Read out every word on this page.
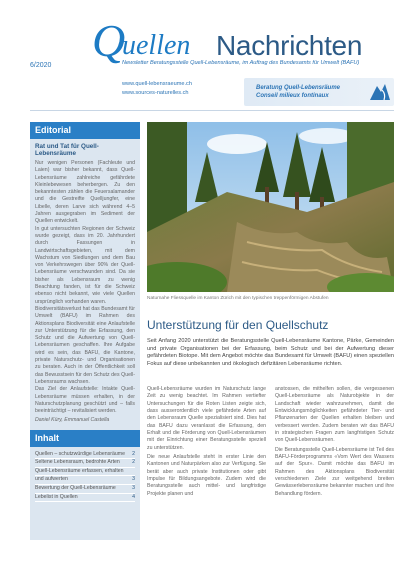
6/2020 Q
uellen Nachrichten
Newsletter Beratungsstelle Quell-Lebensräume, im Auftrag des Bundesamts für Umwelt (BAFU)
www.quell-lebensraeume.ch
www.sources-naturelles.ch
Beratung Quell-Lebensräume
Conseil milieux fontinaux
Editorial
Rat und Tat für Quell-Lebensräume
Nur wenigen Personen (Fachleute und Laien) war bisher bekannt, dass Quell-Lebensräume zahlreiche gefährdete Kleinlebewesen beherbergen. Zu den bekanntesten zählen die Feuersalamander und die Gestreifte Quelljungfer, eine Libelle, deren Larve sich während 4–5 Jahren ausgegraben im Sediment der Quellen entwickelt.
In gut untersuchten Regionen der Schweiz wurde gezeigt, dass im 20. Jahrhundert durch Fassungen in Landwirtschaftsgebieten, mit dem Wachstum von Siedlungen und dem Bau von Verkehrswegen über 90% der Quell-Lebensräume verschwunden sind. Da sie bisher als Lebensraum zu wenig Beachtung fanden, ist für die Schweiz ebenso nicht bekannt, wie viele Quellen ursprünglich vorhanden waren.
Biodiversitätsverlust hat das Bundesamt für Umwelt (BAFU) im Rahmen des Aktionsplans Biodiversität eine Anlaufstelle zur Unterstützung für die Erfassung, den Schutz und die Aufwertung von Quell-Lebensräumen geschaffen. Ihre Aufgabe wird es sein, das BAFU, die Kantone, private Naturschutz- und Organisationen zu beraten. Auch in der Öffentlichkeit soll das Bewusstsein für den Schutz des Quell-Lebensraums wachsen.
Das Ziel der Anlaufstelle: Intakte Quell-Lebensräume müssen erhalten, in der Naturschutzplanung geschützt und – falls beeinträchtigt – revitalisiert werden.
Daniel Küry, Emmanuel Castella
Inhalt
Quellen – schutzwürdige Lebensräume 2
Seltene Lebensraum, bedrohte Arten 2
Quell-Lebensräume erfassen, erhalten
und aufwerten	3
Bewertung der Quell-Lebensräume	3
Lebelist in Quellen	4
Naturnahe Fliessquelle im Kanton Zürich mit den typischen treppenförmigen Abstufen
Unterstützung für den Quellschutz
Seit Anfang 2020 unterstützt die Beratungsstelle Quell-Lebensräume Kantone, Pärke, Gemeinden und private Organisationen bei der Erfassung, beim Schutz und bei der Aufwertung dieser gefährdeten Biotope. Mit dem Angebot möchte das Bundesamt für Umwelt (BAFU) einen speziellen Fokus auf diese unbekannten und ökologisch defizitären Lebensräume richten.

Quell-Lebensräume wurden im Naturschutz lange Zeit zu wenig beachtet. Im Rahmen vertiefter Untersuchungen für die Roten Listen zeigte sich, dass ausserordentlich viele gefährdete Arten auf den Lebensraum Quelle spezialisiert sind. Dies hat das BAFU dazu veranlasst die Erfassung, den Erhalt und die Förderung von Quell-Lebensräumen mit der Einrichtung einer Beratungsstelle speziell zu unterstützen.

Die neue Anlaufstelle steht in erster Linie den Kantonen und Naturpärken also zur Verfügung. Sie berät aber auch private Institutionen oder gibt Impulse für Bildungsangebote. Zudem wird die Beratungsstelle auch mittel- und langfristige Projekte planen und

anstossen, die mithelfen sollen, die vergessenen Quell-Lebensräume als Naturobjekte in der Landschaft wieder wahrzunehmen, damit die Entwicklungsmöglichkeiten gefährdeter Tier- und Pflanzenarten der Quellen erhalten bleiben und verbessert werden. Zudem beraten wir das BAFU in strategischen Fragen zum langfristigen Schutz von Quell-Lebensräumen.

Die Beratungsstelle Quell-Lebensräume ist Teil des BAFU-Förderprogramms «Vom Wert des Wassers auf der Spur». Damit möchte das BAFU im Rahmen des Aktionsplans Biodiversität verschiedenen Ziele zur weitgehend breiten Gewässerlebensräume bekannter machen und ihre Behandlung fördern.
